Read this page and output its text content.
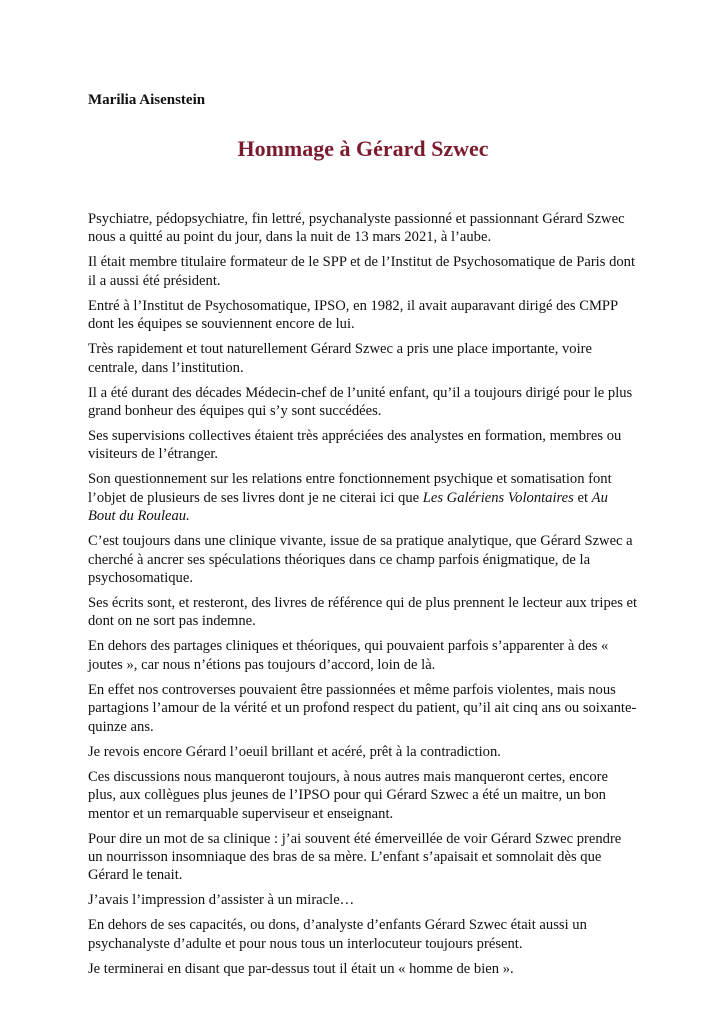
Marilia Aisenstein

Hommage à Gérard Szwec

Psychiatre, pédopsychiatre, fin lettré, psychanalyste passionné et passionnant Gérard Szwec nous a quitté au point du jour, dans la nuit de 13 mars 2021, à l’aube.

Il était membre titulaire formateur de le SPP et de l’Institut de Psychosomatique de Paris dont il a aussi été président.

Entré à l’Institut de Psychosomatique, IPSO, en 1982, il avait auparavant dirigé des CMPP dont les équipes se souviennent encore de lui.

Très rapidement et tout naturellement Gérard Szwec a pris une place importante, voire centrale, dans l’institution.

Il a été durant des décades Médecin-chef de l’unité enfant, qu’il a toujours dirigé pour le plus grand bonheur des équipes qui s’y sont succédées.

Ses supervisions collectives étaient très appréciées des analystes en formation, membres ou visiteurs de l’étranger.

Son questionnement sur les relations entre fonctionnement psychique et somatisation font l’objet de plusieurs de ses livres dont je ne citerai ici que Les Galériens Volontaires et Au Bout du Rouleau.

C’est toujours dans une clinique vivante, issue de sa pratique analytique, que Gérard Szwec a cherché à ancrer ses spéculations théoriques dans ce champ parfois énigmatique, de la psychosomatique.

Ses écrits sont, et resteront, des livres de référence qui de plus prennent le lecteur aux tripes et dont on ne sort pas indemne.

En dehors des partages cliniques et théoriques, qui pouvaient parfois s’apparenter à des « joutes », car nous n’étions pas toujours d’accord, loin de là.

En effet nos controverses pouvaient être passionnées et même parfois violentes, mais nous partagions l’amour de la vérité et un profond respect du patient, qu’il ait cinq ans ou soixante-quinze ans.

Je revois encore Gérard l’oeuil brillant et acéré, prêt à la contradiction.

Ces discussions nous manqueront toujours, à nous autres mais manqueront certes, encore plus, aux collègues plus jeunes de l’IPSO pour qui Gérard Szwec a été un maitre, un bon mentor et un remarquable superviseur et enseignant.

Pour dire un mot de sa clinique : j’ai souvent été émerveillée de voir Gérard Szwec prendre un nourrisson insomniaque des bras de sa mère. L’enfant s’apaisait et somnolait dès que Gérard le tenait.

J’avais l’impression d’assister à un miracle…

En dehors de ses capacités, ou dons, d’analyste d’enfants Gérard Szwec était aussi un psychanalyste d’adulte et pour nous tous un interlocuteur toujours présent.

Je terminerai en disant que par-dessus tout il était un « homme de bien ».
